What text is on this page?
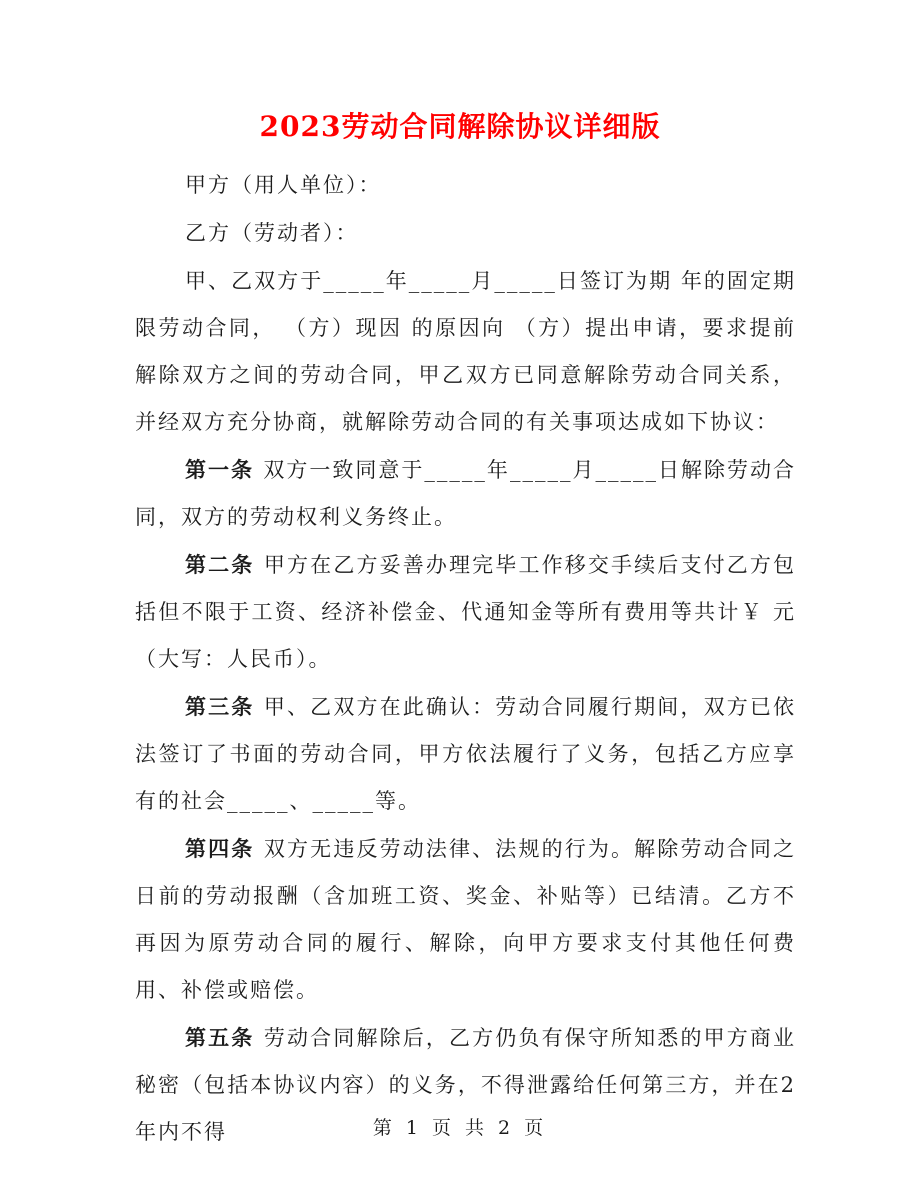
2023劳动合同解除协议详细版

甲方（用人单位）：

乙方（劳动者）：

甲、乙双方于_____年_____月_____日签订为期 年的固定期限劳动合同， （方）现因 的原因向 （方）提出申请，要求提前解除双方之间的劳动合同，甲乙双方已同意解除劳动合同关系，并经双方充分协商，就解除劳动合同的有关事项达成如下协议：

第一条 双方一致同意于_____年_____月_____日解除劳动合同，双方的劳动权利义务终止。

第二条 甲方在乙方妥善办理完毕工作移交手续后支付乙方包括但不限于工资、经济补偿金、代通知金等所有费用等共计￥ 元（大写：人民币）。

第三条 甲、乙双方在此确认：劳动合同履行期间，双方已依法签订了书面的劳动合同，甲方依法履行了义务，包括乙方应享有的社会_____、_____等。

第四条 双方无违反劳动法律、法规的行为。解除劳动合同之日前的劳动报酬（含加班工资、奖金、补贴等）已结清。乙方不再因为原劳动合同的履行、解除，向甲方要求支付其他任何费用、补偿或赔偿。

第五条 劳动合同解除后，乙方仍负有保守所知悉的甲方商业秘密（包括本协议内容）的义务，不得泄露给任何第三方，并在2年内不得	第 1 页 共 2 页
